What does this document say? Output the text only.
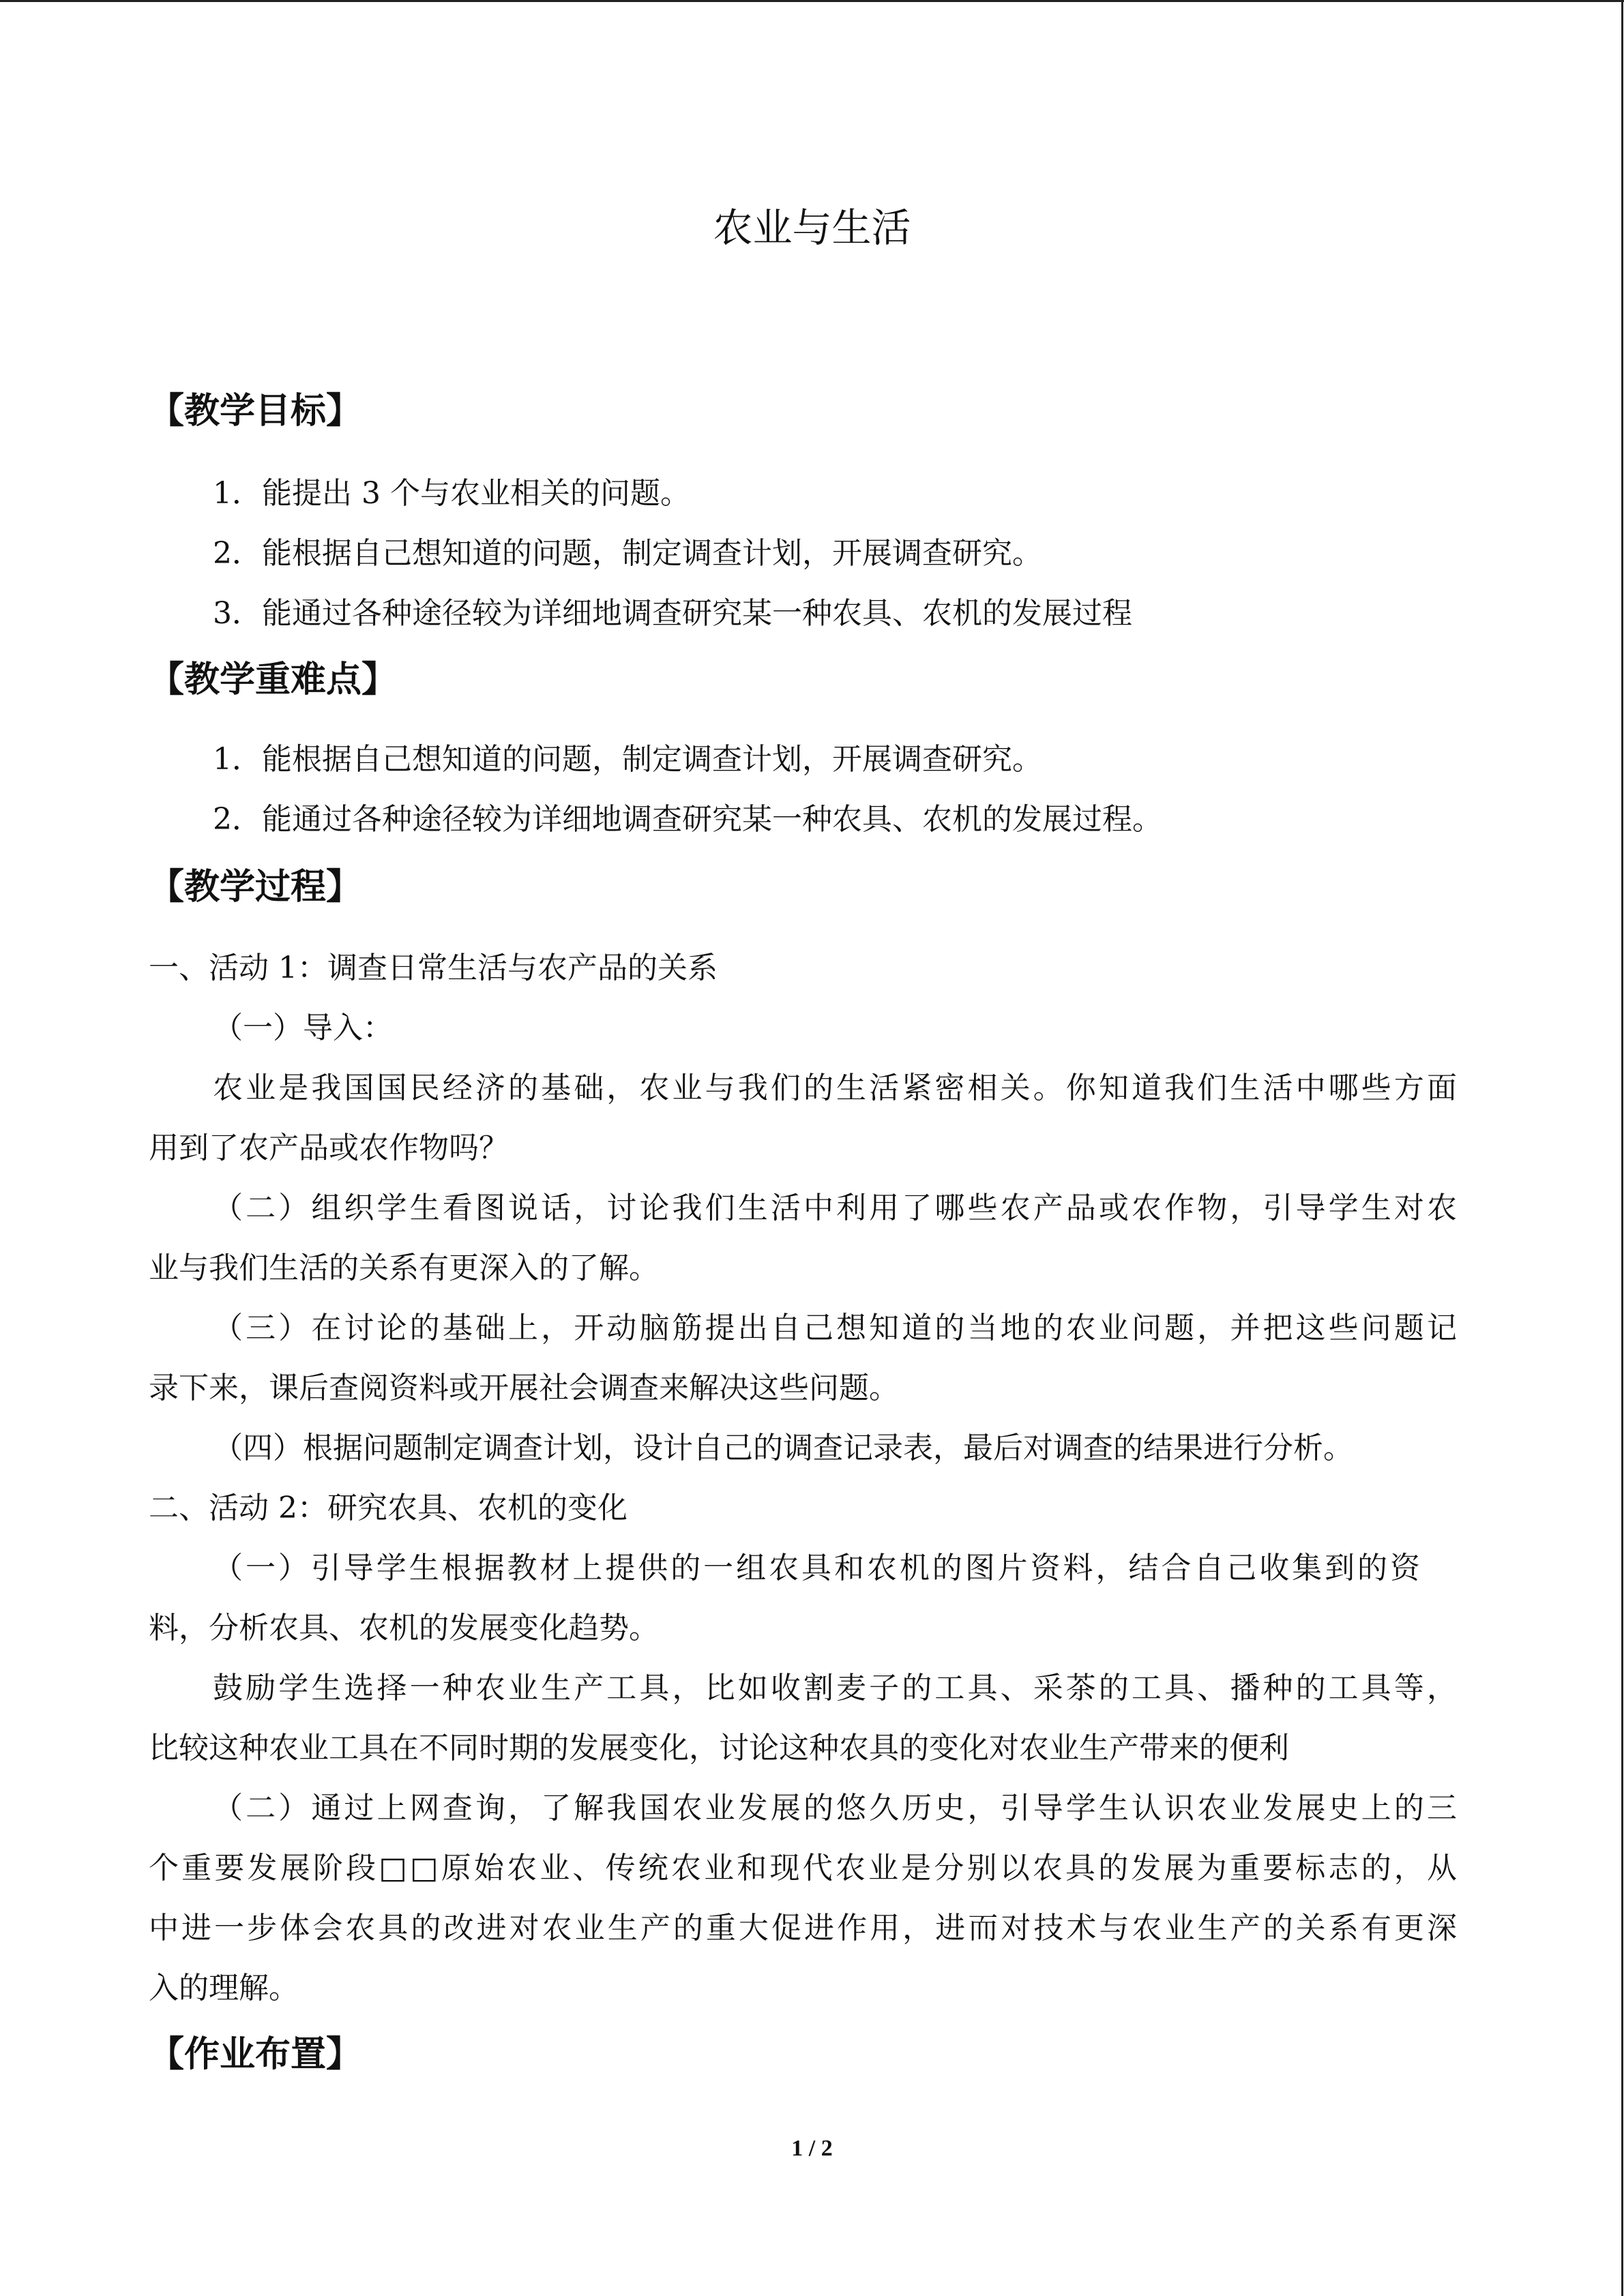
农业与生活
【教学目标】
1．能提出 3 个与农业相关的问题。
2．能根据自己想知道的问题，制定调查计划，开展调查研究。
3．能通过各种途径较为详细地调查研究某一种农具、农机的发展过程
【教学重难点】
1．能根据自己想知道的问题，制定调查计划，开展调查研究。
2．能通过各种途径较为详细地调查研究某一种农具、农机的发展过程。
【教学过程】
一、活动 1：调查日常生活与农产品的关系
（一）导入：
农业是我国国民经济的基础，农业与我们的生活紧密相关。你知道我们生活中哪些方面
用到了农产品或农作物吗？
（二）组织学生看图说话，讨论我们生活中利用了哪些农产品或农作物，引导学生对农
业与我们生活的关系有更深入的了解。
（三）在讨论的基础上，开动脑筋提出自己想知道的当地的农业问题，并把这些问题记
录下来，课后查阅资料或开展社会调查来解决这些问题。
（四）根据问题制定调查计划，设计自己的调查记录表，最后对调查的结果进行分析。
二、活动 2：研究农具、农机的变化
（一）引导学生根据教材上提供的一组农具和农机的图片资料，结合自己收集到的资
料，分析农具、农机的发展变化趋势。
鼓励学生选择一种农业生产工具，比如收割麦子的工具、采茶的工具、播种的工具等，
比较这种农业工具在不同时期的发展变化，讨论这种农具的变化对农业生产带来的便利
（二）通过上网查询，了解我国农业发展的悠久历史，引导学生认识农业发展史上的三
个重要发展阶段□□原始农业、传统农业和现代农业是分别以农具的发展为重要标志的，从
中进一步体会农具的改进对农业生产的重大促进作用，进而对技术与农业生产的关系有更深
入的理解。
【作业布置】
1 / 2
